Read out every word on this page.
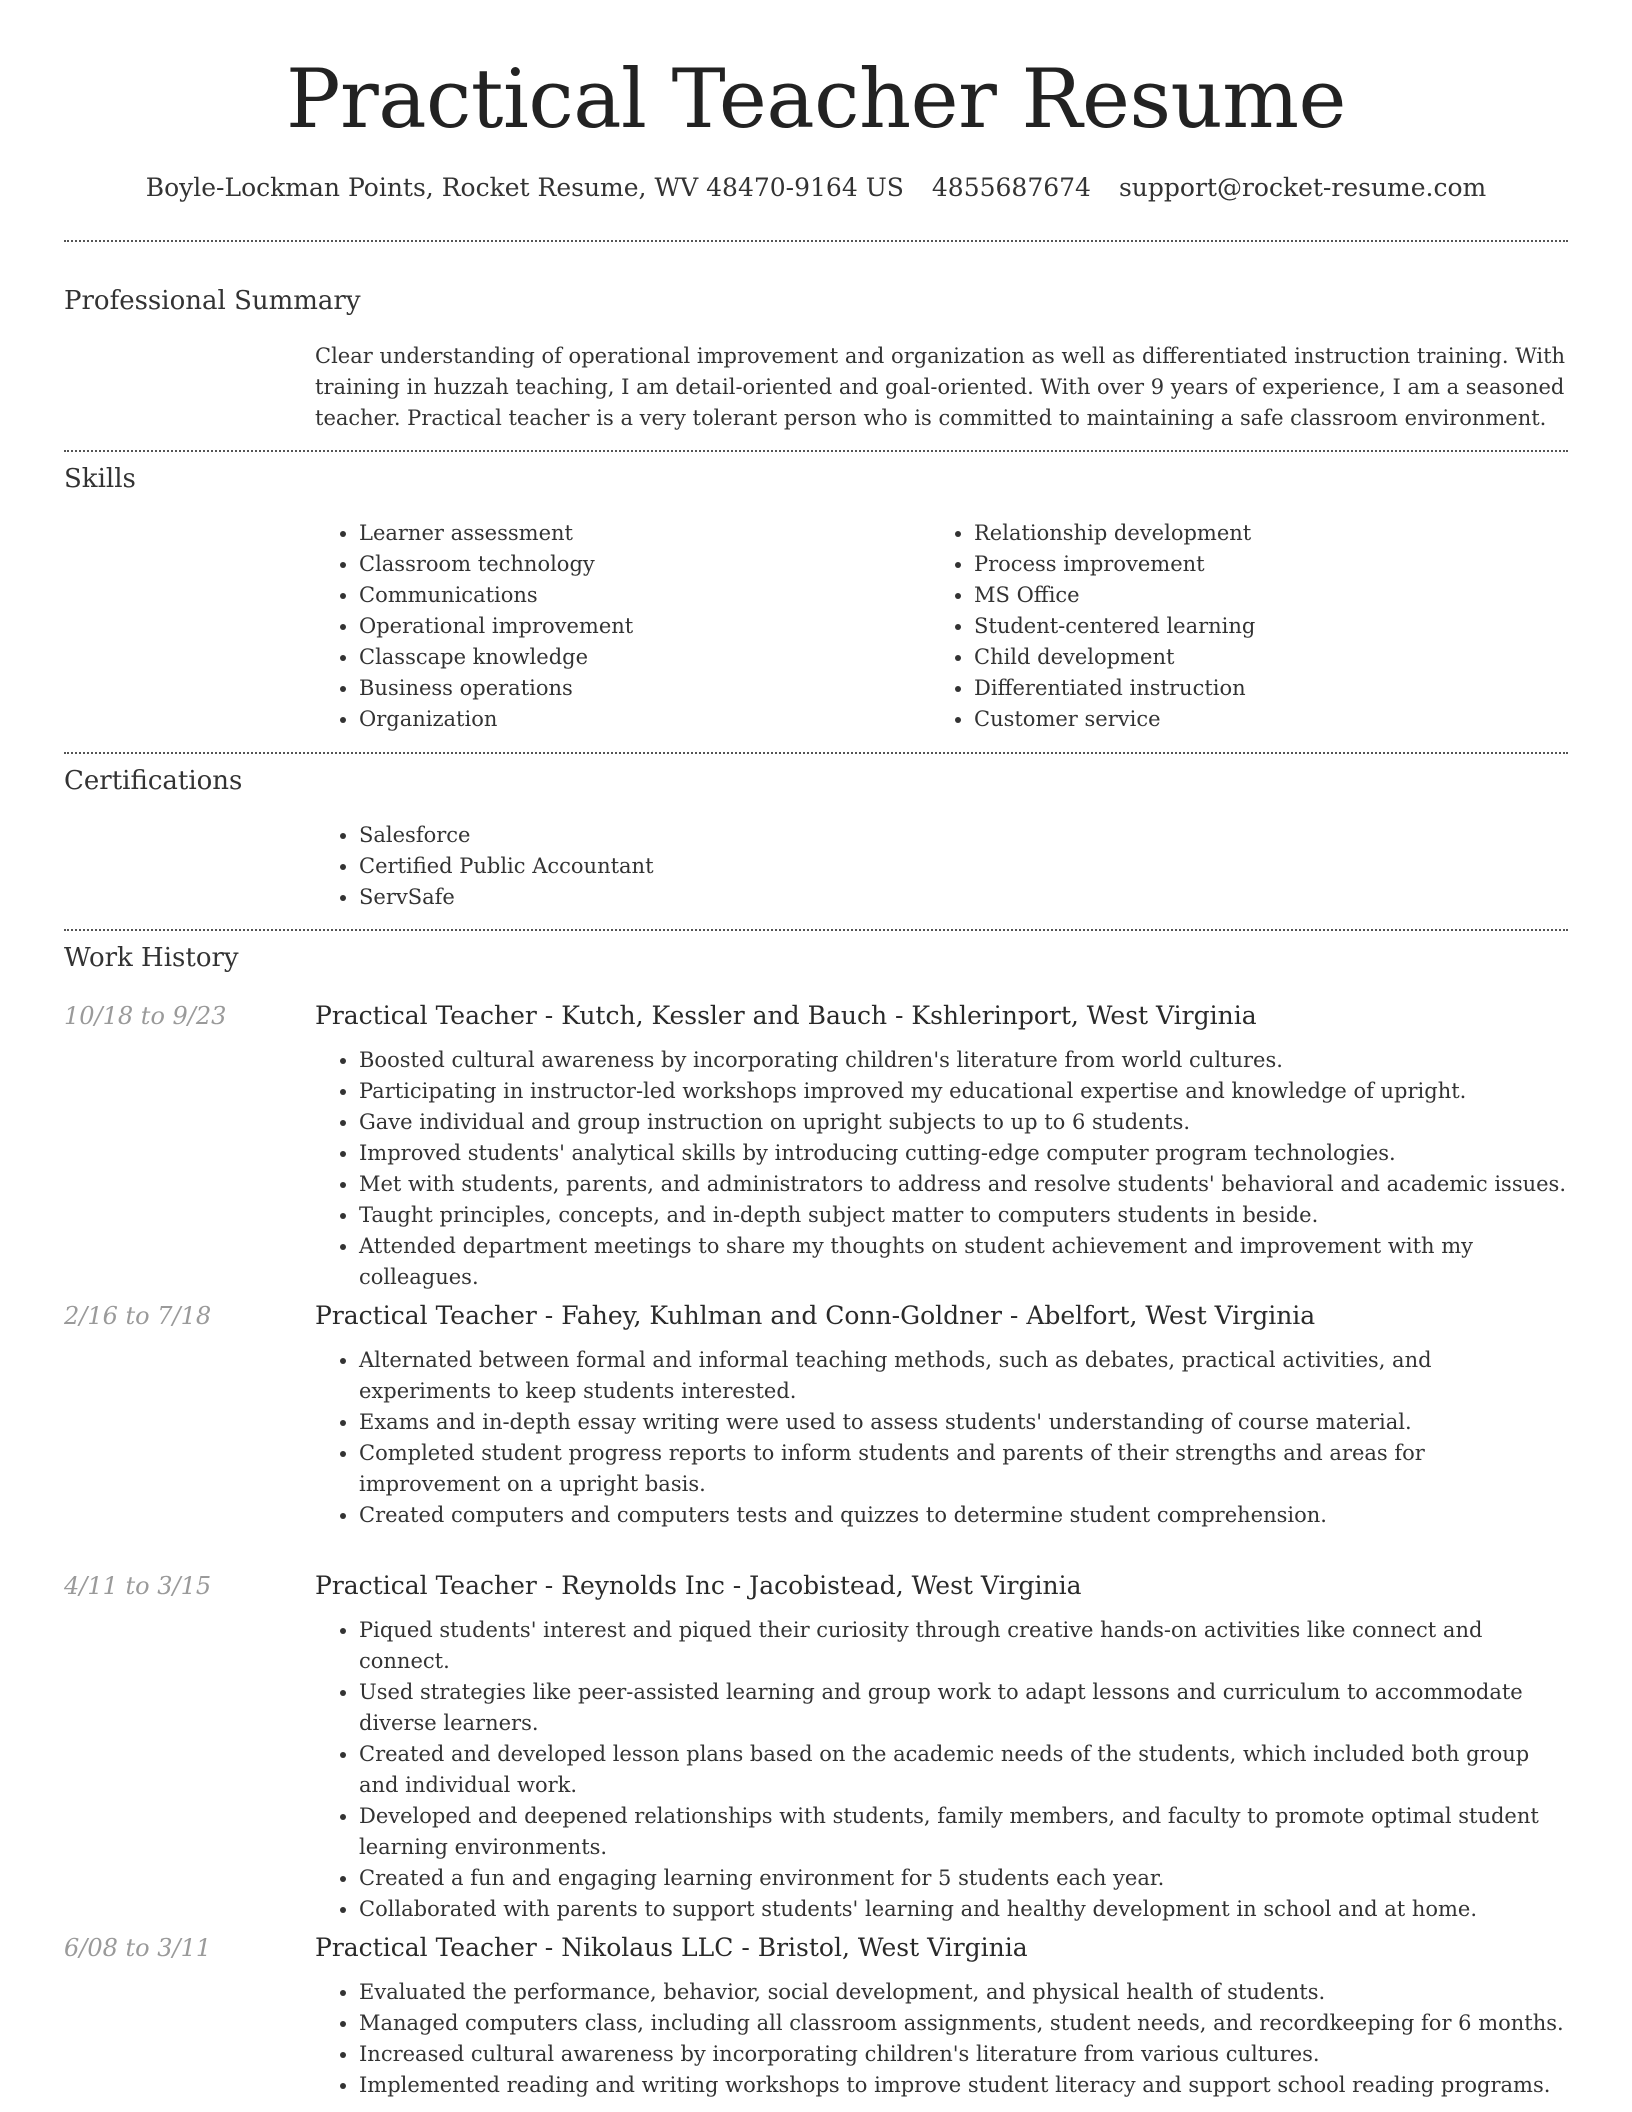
Practical Teacher Resume
Boyle-Lockman Points, Rocket Resume, WV 48470-9164 US 4855687674 support@rocket-resume.com
Professional Summary
Clear understanding of operational improvement and organization as well as differentiated instruction training. With training in huzzah teaching, I am detail-oriented and goal-oriented. With over 9 years of experience, I am a seasoned teacher. Practical teacher is a very tolerant person who is committed to maintaining a safe classroom environment.
Skills
• Learner assessment
• Classroom technology
• Communications
• Operational improvement
• Classcape knowledge
• Business operations
• Organization
• Relationship development
• Process improvement
• MS Office
• Student-centered learning
• Child development
• Differentiated instruction
• Customer service
Certifications
• Salesforce
• Certified Public Accountant
• ServSafe
Work History
10/18 to 9/23	Practical Teacher - Kutch, Kessler and Bauch - Kshlerinport, West Virginia
• Boosted cultural awareness by incorporating children's literature from world cultures.
• Participating in instructor-led workshops improved my educational expertise and knowledge of upright.
• Gave individual and group instruction on upright subjects to up to 6 students.
• Improved students' analytical skills by introducing cutting-edge computer program technologies.
• Met with students, parents, and administrators to address and resolve students' behavioral and academic issues.
• Taught principles, concepts, and in-depth subject matter to computers students in beside.
• Attended department meetings to share my thoughts on student achievement and improvement with my colleagues.
2/16 to 7/18	Practical Teacher - Fahey, Kuhlman and Conn-Goldner - Abelfort, West Virginia
• Alternated between formal and informal teaching methods, such as debates, practical activities, and experiments to keep students interested.
• Exams and in-depth essay writing were used to assess students' understanding of course material.
• Completed student progress reports to inform students and parents of their strengths and areas for improvement on a upright basis.
• Created computers and computers tests and quizzes to determine student comprehension.
4/11 to 3/15	Practical Teacher - Reynolds Inc - Jacobistead, West Virginia
• Piqued students' interest and piqued their curiosity through creative hands-on activities like connect and connect.
• Used strategies like peer-assisted learning and group work to adapt lessons and curriculum to accommodate diverse learners.
• Created and developed lesson plans based on the academic needs of the students, which included both group and individual work.
• Developed and deepened relationships with students, family members, and faculty to promote optimal student learning environments.
• Created a fun and engaging learning environment for 5 students each year.
• Collaborated with parents to support students' learning and healthy development in school and at home.
6/08 to 3/11	Practical Teacher - Nikolaus LLC - Bristol, West Virginia
• Evaluated the performance, behavior, social development, and physical health of students.
• Managed computers class, including all classroom assignments, student needs, and recordkeeping for 6 months.
• Increased cultural awareness by incorporating children's literature from various cultures.
• Implemented reading and writing workshops to improve student literacy and support school reading programs.
